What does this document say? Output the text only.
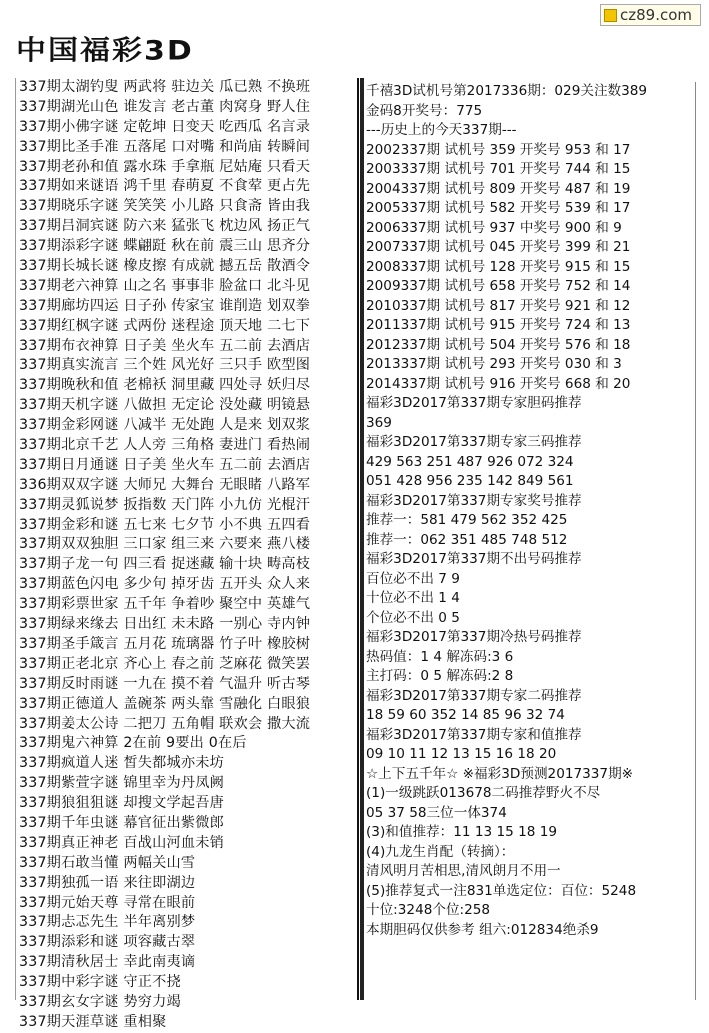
中国福彩3D
cz89.com
337期太湖钓叟 两武将 驻边关 瓜已熟 不换班
337期湖光山色 谁发言 老古董 肉窝身 野人住
337期小佛字谜 定乾坤 日变天 吃西瓜 名言录
337期比圣手准 五落尾 口对嘴 和尚庙 转瞬间
337期老孙和值 露水珠 手拿瓶 尼姑庵 只看天
337期如来谜语 鸿千里 春萌夏 不食荤 更占先
337期晓乐字谜 笑笑笑 小儿路 只食斋 皆由我
337期吕洞宾谜 防六来 猛张飞 枕边风 扬正气
337期添彩字谜 蝶翩跹 秋在前 震三山 思齐分
337期长城长谜 橡皮擦 有成就 撼五岳 散酒令
337期老六神算 山之名 事事非 脸盆口 北斗见
337期廊坊四运 日子孙 传家宝 谁削造 划双拳
337期红枫字谜 式两份 迷程途 顶天地 二七下
337期布衣神算 日子美 坐火车 五二前 去酒店
337期真实流言 三个姓 风光好 三只手 欧型图
337期晚秋和值 老棉袄 洞里藏 四处寻 妖归尽
337期天机字谜 八做担 无定论 没处藏 明镜悬
337期金彩网谜 八减半 无处跑 人是来 划双浆
337期北京千艺 人人旁 三角格 妻进门 看热闹
337期日月通谜 日子美 坐火车 五二前 去酒店
336期双双字谜 大师兄 大舞台 无眼睹 八路军
337期灵狐说梦 扳指数 天门阵 小九仿 光棍汗
337期金彩和谜 五七来 七夕节 小不典 五四看
337期双双独胆 三口家 组三来 六要来 燕八楼
337期子龙一句 四三看 捉迷藏 输十块 畴高枝
337期蓝色闪电 多少句 掉牙齿 五开头 众人来
337期彩票世家 五千年 争着吵 聚空中 英雄气
337期绿来缘去 日出红 未未路 一别心 寺内钟
337期圣手箴言 五月花 琉璃器 竹子叶 橡胶树
337期正老北京 齐心上 春之前 芝麻花 微笑罢
337期反时雨谜 一九在 摸不着 气温升 听古琴
337期正德道人 盖碗茶 两头靠 雪融化 白眼狼
337期姜太公诗 二把刀 五角帽 联欢会 撒大流
337期鬼六神算 2在前 9要出 0在后
337期疯道人迷 皙失都城亦未坊
337期紫萱字谜 锦里幸为丹凤阙
337期狼狙狙谜 却搜文学起吾唐
337期千年虫谜 幕官征出紫微郎
337期真正神老 百战山河血未销
337期石敢当懂 两幅关山雪
337期独孤一语 来往即湖边
337期元始天尊 寻常在眼前
337期忐忑先生 半年离别梦
337期添彩和谜 项容藏古翠
337期清秋居士 幸此南夷谪
337期中彩字谜 守正不挠
337期玄女字谜 势穷力竭
337期天涯草谜 重相聚
千禧3D试机号第2017336期：029关注数389
金码8开奖号：775
---历史上的今天337期---
2002337期 试机号 359 开奖号 953 和 17
2003337期 试机号 701 开奖号 744 和 15
2004337期 试机号 809 开奖号 487 和 19
2005337期 试机号 582 开奖号 539 和 17
2006337期 试机号 937 中奖号 900 和 9
2007337期 试机号 045 开奖号 399 和 21
2008337期 试机号 128 开奖号 915 和 15
2009337期 试机号 658 开奖号 752 和 14
2010337期 试机号 817 开奖号 921 和 12
2011337期 试机号 915 开奖号 724 和 13
2012337期 试机号 504 开奖号 576 和 18
2013337期 试机号 293 开奖号 030 和 3
2014337期 试机号 916 开奖号 668 和 20
福彩3D2017第337期专家胆码推荐
369
福彩3D2017第337期专家三码推荐
429 563 251 487 926 072 324
051 428 956 235 142 849 561
福彩3D2017第337期专家奖号推荐
推荐一：581 479 562 352 425
推荐一：062 351 485 748 512
福彩3D2017第337期不出号码推荐
百位必不出 7 9
十位必不出 1 4
个位必不出 0 5
福彩3D2017第337期冷热号码推荐
热码值：1 4 解冻码:3 6
主打码：0 5 解冻码:2 8
福彩3D2017第337期专家二码推荐
18 59 60 352 14 85 96 32 74
福彩3D2017第337期专家和值推荐
09 10 11 12 13 15 16 18 20
☆上下五千年☆ ※福彩3D预测2017337期※
(1)一级跳跃013678二码推荐野火不尽
05 37 58三位一体374
(3)和值推荐：11 13 15 18 19
(4)九龙生肖配（转摘）：
清风明月苦相思,清风朗月不用一
(5)推荐复式一注831单选定位：百位：5248
十位:3248个位:258
本期胆码仅供参考 组六:012834绝杀9
